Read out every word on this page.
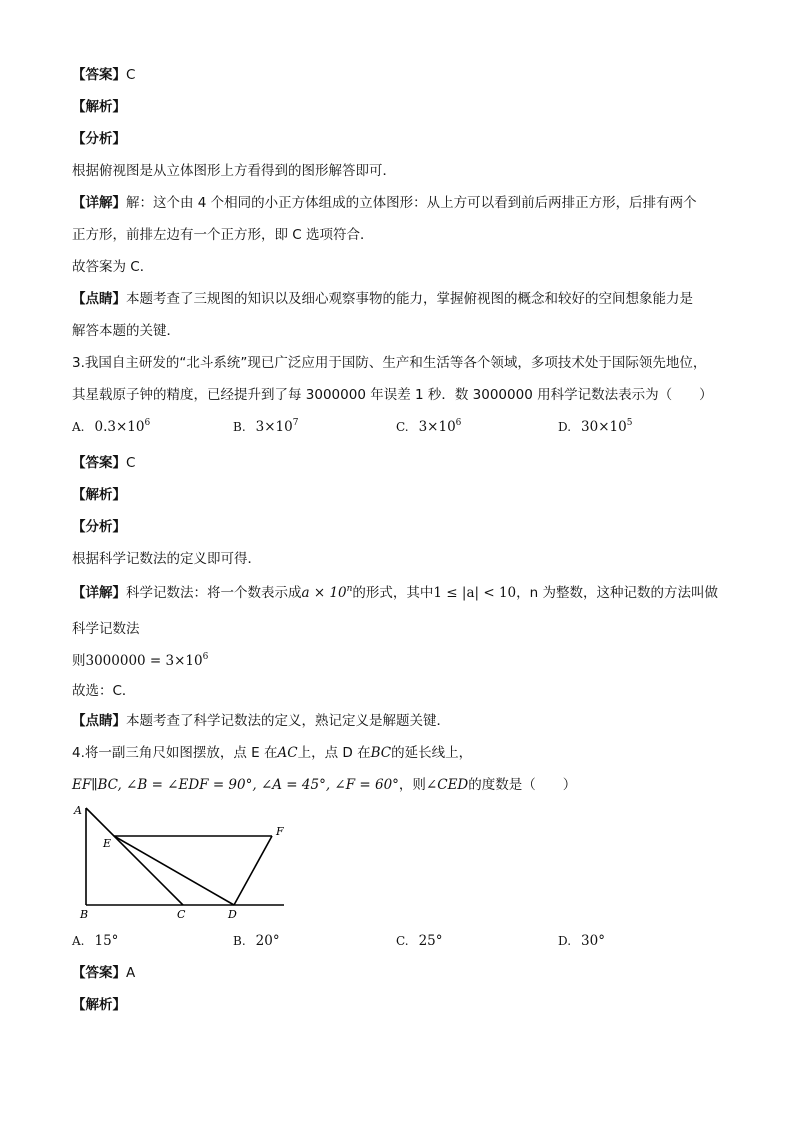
【答案】C
【解析】
【分析】
根据俯视图是从立体图形上方看得到的图形解答即可．
【详解】解：这个由 4 个相同的小正方体组成的立体图形：从上方可以看到前后两排正方形，后排有两个
正方形，前排左边有一个正方形，即 C 选项符合．
故答案为 C．
【点睛】本题考查了三规图的知识以及细心观察事物的能力，掌握俯视图的概念和较好的空间想象能力是
解答本题的关键．
3.我国自主研发的“北斗系统”现已广泛应用于国防、生产和生活等各个领域，多项技术处于国际领先地位，
其星载原子钟的精度，已经提升到了每 3000000 年误差 1 秒．数 3000000 用科学记数法表示为（　　）
A. $0.3\times 10^6$	B. $3\times 10^7$	C. $3\times 10^6$	D. $30\times 10^5$
【答案】C
【解析】
【分析】
根据科学记数法的定义即可得．
【详解】科学记数法：将一个数表示成$a \times 10^n$的形式，其中1 ≤ |a| < 10，n 为整数，这种记数的方法叫做
科学记数法
则$3000000 = 3\times 10^6$
故选：C．
【点睛】本题考查了科学记数法的定义，熟记定义是解题关键．
4.将一副三角尺如图摆放，点 E 在AC上，点 D 在BC的延长线上，
EF∥BC, ∠B = ∠EDF = 90°, ∠A = 45°, ∠F = 60°，则∠CED的度数是（　　）
A
E
F
B	C	D
A. 15°	B. 20°	C. 25°	D. 30°
【答案】A
【解析】
